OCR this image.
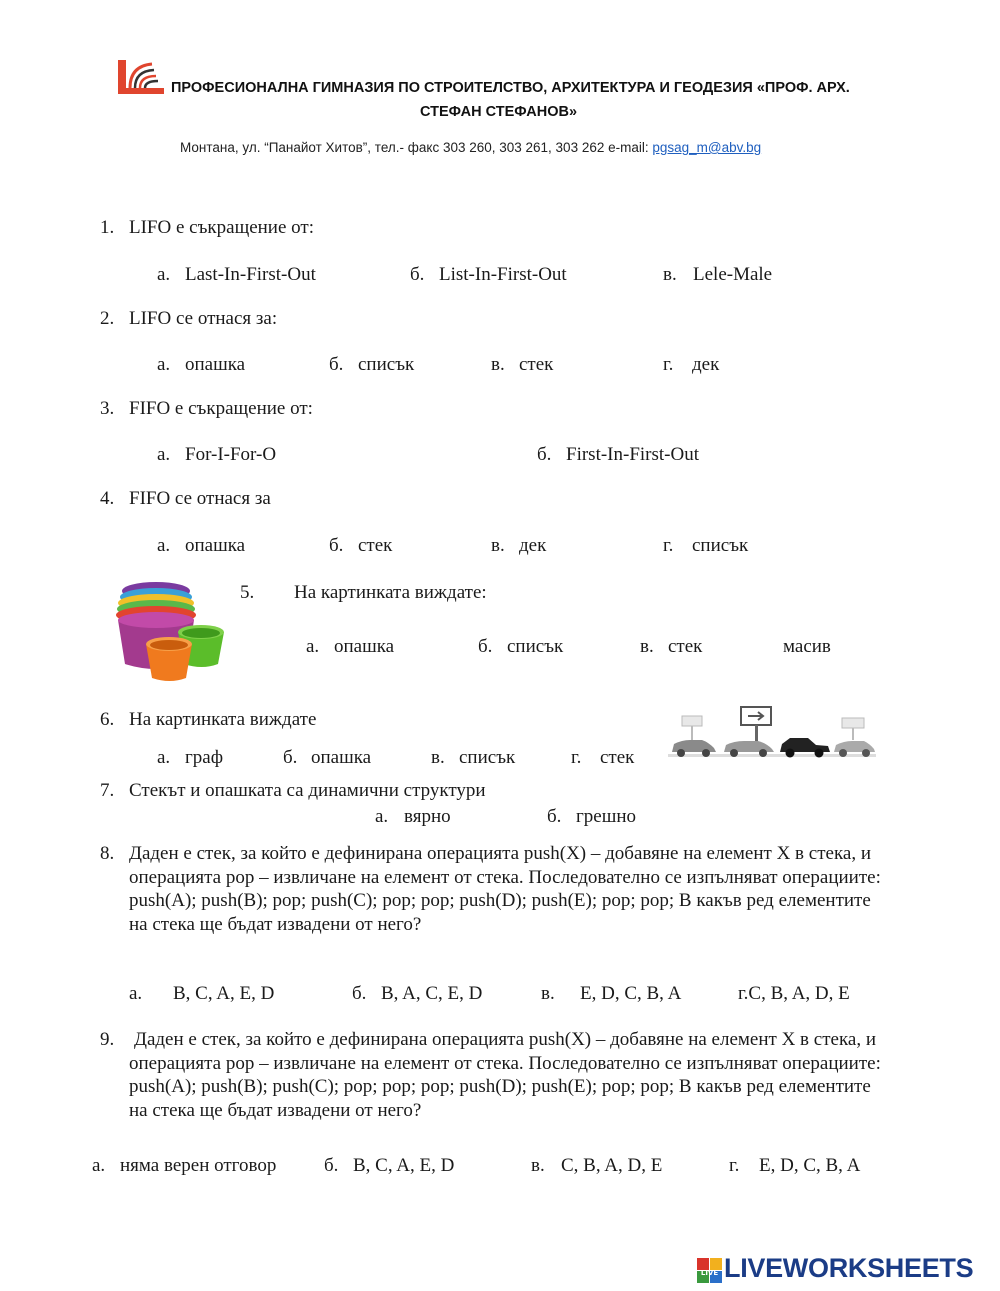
ПРОФЕСИОНАЛНА ГИМНАЗИЯ ПО СТРОИТЕЛСТВО, АРХИТЕКТУРА И ГЕОДЕЗИЯ «ПРОФ. АРХ.
СТЕФАН СТЕФАНОВ»
Монтана, ул. “Панайот Хитов”, тел.- факс 303 260, 303 261, 303 262 e-mail: pgsag_m@abv.bg
1. LIFO е съкращение от:
а. Last-In-First-Out	б. List-In-First-Out	в. Lele-Male
2. LIFO се отнася за:
а. опашка	б. списък	в. стек	г. дек
3. FIFO е съкращение от:
а. For-I-For-O	б. First-In-First-Out
4. FIFO се отнася за
а. опашка	б. стек	в. дек	г. списък
5. На картинката виждате:
а. опашка	б. списък	в. стек	масив
6. На картинката виждате
а. граф	б. опашка	в. списък	г. стек
7. Стекът и опашката са динамични структури
а. вярно	б. грешно
8. Даден е стек, за който е дефинирана операцията push(X) – добавяне на елемент X в стека, и операцията pop – извличане на елемент от стека. Последователно се изпълняват операциите: push(A); push(B); pop; push(C); pop; pop; push(D); push(E); pop; pop; В какъв ред елементите на стека ще бъдат извадени от него?
а. B, C, A, E, D	б. B, A, C, E, D	в. E, D, C, B, A	г.C, B, A, D, E
9. Даден е стек, за който е дефинирана операцията push(X) – добавяне на елемент X в стека, и операцията pop – извличане на елемент от стека. Последователно се изпълняват операциите: push(A); push(B); push(C); pop; pop; pop; push(D); push(E); pop; pop; В какъв ред елементите на стека ще бъдат извадени от него?
а. няма верен отговор	б. B, C, A, E, D	в. C, B, A, D, E	г. E, D, C, B, A
LIVE LIVEWORKSHEETS
